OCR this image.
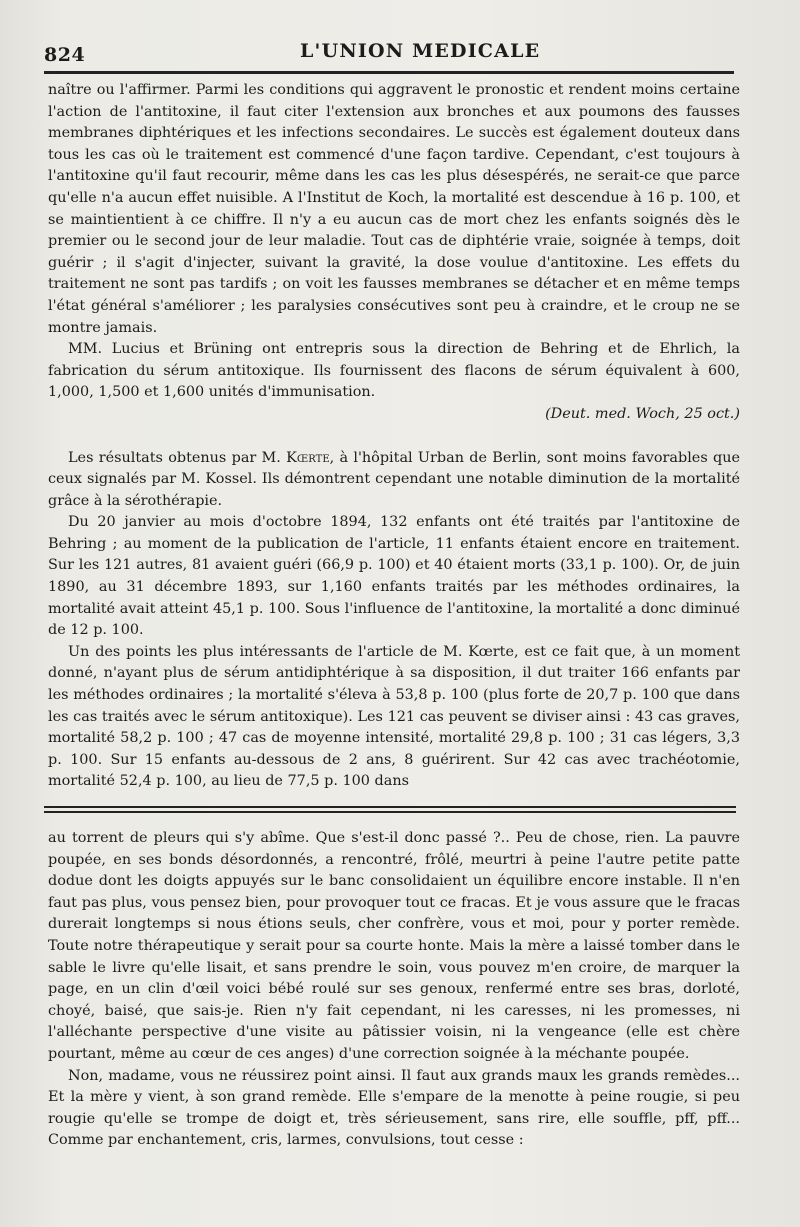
824	L'UNION MEDICALE

naître ou l'affirmer. Parmi les conditions qui aggravent le pronostic et rendent moins certaine l'action de l'antitoxine, il faut citer l'extension aux bronches et aux poumons des fausses membranes diphtériques et les infections secondaires. Le succès est également douteux dans tous les cas où le traitement est commencé d'une façon tardive. Cependant, c'est toujours à l'antitoxine qu'il faut recourir, même dans les cas les plus désespérés, ne serait-ce que parce qu'elle n'a aucun effet nuisible. A l'Institut de Koch, la mortalité est descendue à 16 p. 100, et se maintientient à ce chiffre. Il n'y a eu aucun cas de mort chez les enfants soignés dès le premier ou le second jour de leur maladie. Tout cas de diphtérie vraie, soignée à temps, doit guérir ; il s'agit d'injecter, suivant la gravité, la dose voulue d'antitoxine. Les effets du traitement ne sont pas tardifs ; on voit les fausses membranes se détacher et en même temps l'état général s'améliorer ; les paralysies consécutives sont peu à craindre, et le croup ne se montre jamais.

MM. Lucius et Brüning ont entrepris sous la direction de Behring et de Ehrlich, la fabrication du sérum antitoxique. Ils fournissent des flacons de sérum équivalent à 600, 1,000, 1,500 et 1,600 unités d'immunisation.

(Deut. med. Woch, 25 oct.)

Les résultats obtenus par M. Kœrte, à l'hôpital Urban de Berlin, sont moins favorables que ceux signalés par M. Kossel. Ils démontrent cependant une notable diminution de la mortalité grâce à la sérothérapie.

Du 20 janvier au mois d'octobre 1894, 132 enfants ont été traités par l'antitoxine de Behring ; au moment de la publication de l'article, 11 enfants étaient encore en traitement. Sur les 121 autres, 81 avaient guéri (66,9 p. 100) et 40 étaient morts (33,1 p. 100). Or, de juin 1890, au 31 décembre 1893, sur 1,160 enfants traités par les méthodes ordinaires, la mortalité avait atteint 45,1 p. 100. Sous l'influence de l'antitoxine, la mortalité a donc diminué de 12 p. 100.

Un des points les plus intéressants de l'article de M. Kœrte, est ce fait que, à un moment donné, n'ayant plus de sérum antidiphtérique à sa disposition, il dut traiter 166 enfants par les méthodes ordinaires ; la mortalité s'éleva à 53,8 p. 100 (plus forte de 20,7 p. 100 que dans les cas traités avec le sérum antitoxique). Les 121 cas peuvent se diviser ainsi : 43 cas graves, mortalité 58,2 p. 100 ; 47 cas de moyenne intensité, mortalité 29,8 p. 100 ; 31 cas légers, 3,3 p. 100. Sur 15 enfants au-dessous de 2 ans, 8 guérirent. Sur 42 cas avec trachéotomie, mortalité 52,4 p. 100, au lieu de 77,5 p. 100 dans

au torrent de pleurs qui s'y abîme. Que s'est-il donc passé ?.. Peu de chose, rien. La pauvre poupée, en ses bonds désordonnés, a rencontré, frôlé, meurtri à peine l'autre petite patte dodue dont les doigts appuyés sur le banc consolidaient un équilibre encore instable. Il n'en faut pas plus, vous pensez bien, pour provoquer tout ce fracas. Et je vous assure que le fracas durerait longtemps si nous étions seuls, cher confrère, vous et moi, pour y porter remède. Toute notre thérapeutique y serait pour sa courte honte. Mais la mère a laissé tomber dans le sable le livre qu'elle lisait, et sans prendre le soin, vous pouvez m'en croire, de marquer la page, en un clin d'œil voici bébé roulé sur ses genoux, renfermé entre ses bras, dorloté, choyé, baisé, que sais-je. Rien n'y fait cependant, ni les caresses, ni les promesses, ni l'alléchante perspective d'une visite au pâtissier voisin, ni la vengeance (elle est chère pourtant, même au cœur de ces anges) d'une correction soignée à la méchante poupée.

Non, madame, vous ne réussirez point ainsi. Il faut aux grands maux les grands remèdes... Et la mère y vient, à son grand remède. Elle s'empare de la menotte à peine rougie, si peu rougie qu'elle se trompe de doigt et, très sérieusement, sans rire, elle souffle, pff, pff... Comme par enchantement, cris, larmes, convulsions, tout cesse :
